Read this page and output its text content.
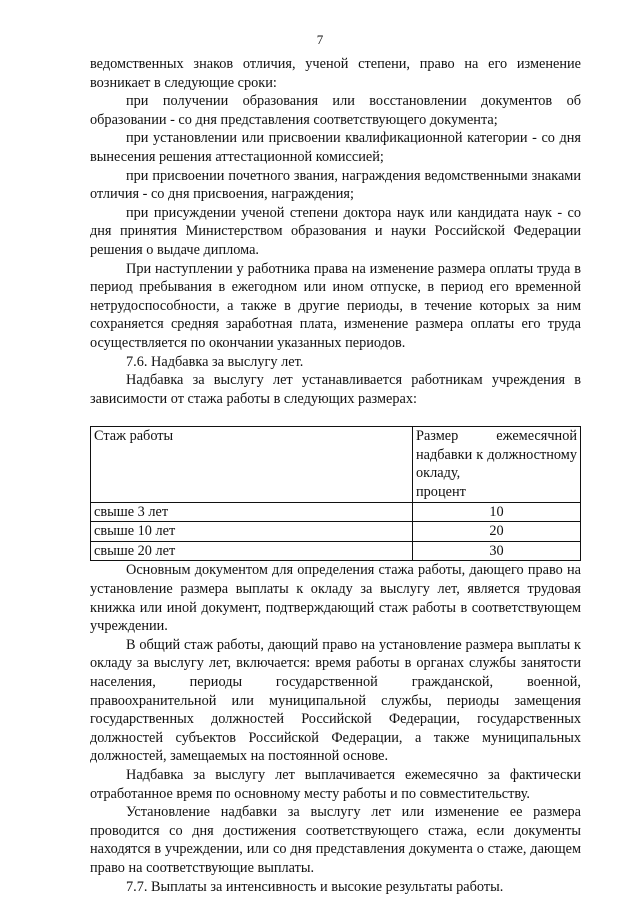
7

ведомственных знаков отличия, ученой степени, право на его изменение возникает в следующие сроки:

при получении образования или восстановлении документов об образовании - со дня представления соответствующего документа;

при установлении или присвоении квалификационной категории - со дня вынесения решения аттестационной комиссией;

при присвоении почетного звания, награждения ведомственными знаками отличия - со дня присвоения, награждения;

при присуждении ученой степени доктора наук или кандидата наук - со дня принятия Министерством образования и науки Российской Федерации решения о выдаче диплома.

При наступлении у работника права на изменение размера оплаты труда в период пребывания в ежегодном или ином отпуске, в период его временной нетрудоспособности, а также в другие периоды, в течение которых за ним сохраняется средняя заработная плата, изменение размера оплаты его труда осуществляется по окончании указанных периодов.

7.6. Надбавка за выслугу лет.

Надбавка за выслугу лет устанавливается работникам учреждения в зависимости от стажа работы в следующих размерах:

Стаж работы	Размер ежемесячной надбавки к должностному окладу,
процент

свыше 3 лет	10
свыше 10 лет	20
свыше 20 лет	30

Основным документом для определения стажа работы, дающего право на установление размера выплаты к окладу за выслугу лет, является трудовая книжка или иной документ, подтверждающий стаж работы в соответствующем учреждении.

В общий стаж работы, дающий право на установление размера выплаты к окладу за выслугу лет, включается: время работы в органах службы занятости населения, периоды государственной гражданской, военной, правоохранительной или муниципальной службы, периоды замещения государственных должностей Российской Федерации, государственных должностей субъектов Российской Федерации, а также муниципальных должностей, замещаемых на постоянной основе.

Надбавка за выслугу лет выплачивается ежемесячно за фактически отработанное время по основному месту работы и по совместительству.

Установление надбавки за выслугу лет или изменение ее размера проводится со дня достижения соответствующего стажа, если документы находятся в учреждении, или со дня представления документа о стаже, дающем право на соответствующие выплаты.

7.7. Выплаты за интенсивность и высокие результаты работы.
